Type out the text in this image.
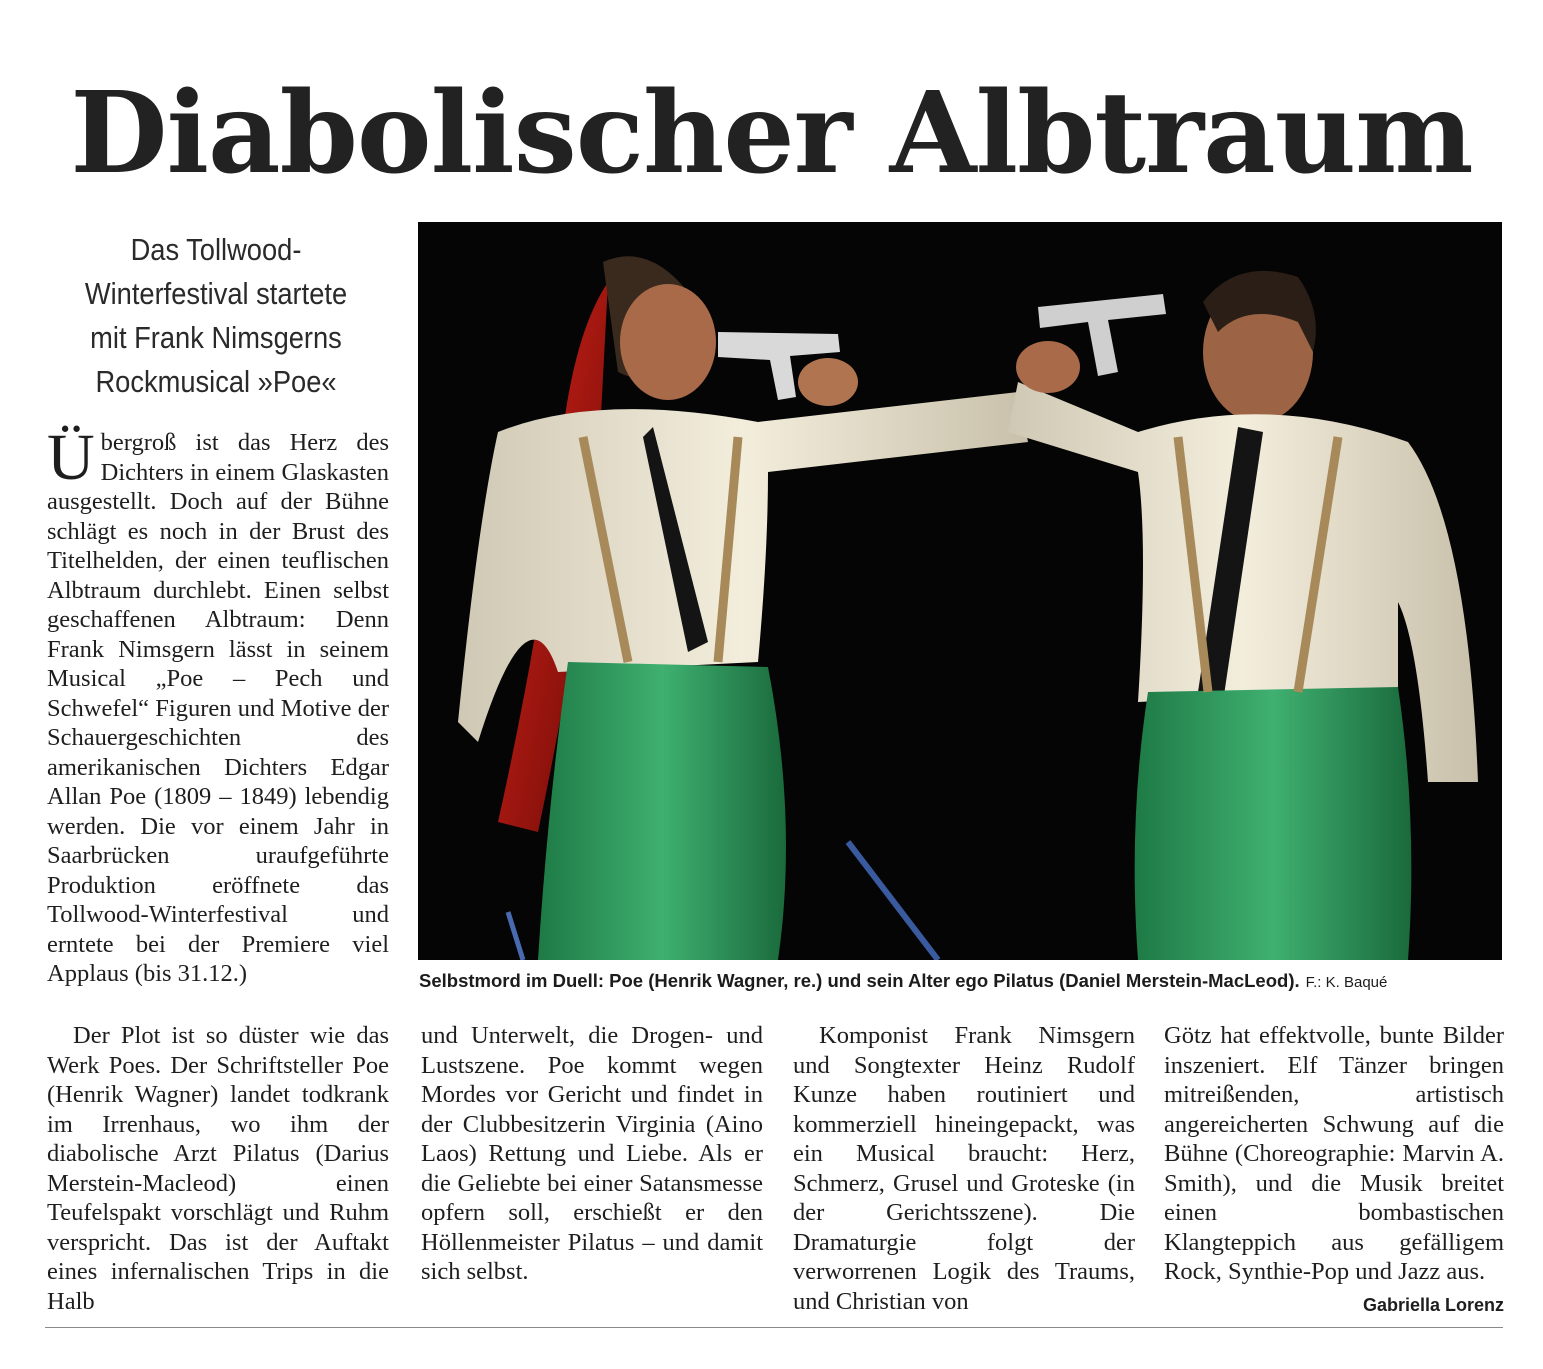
Diabolischer Albtraum
Das Tollwood-
Winterfestival startete
mit Frank Nimsgerns
Rockmusical »Poe«

Übergroß ist das Herz des Dichters in einem Glaskasten ausgestellt. Doch auf der Bühne schlägt es noch in der Brust des Titelhelden, der einen teuflischen Albtraum durchlebt. Einen selbst geschaffenen Albtraum: Denn Frank Nimsgern lässt in seinem Musical „Poe – Pech und Schwefel“ Figuren und Motive der Schauergeschichten des amerikanischen Dichters Edgar Allan Poe (1809 – 1849) lebendig werden. Die vor einem Jahr in Saarbrücken uraufgeführte Produktion eröffnete das Tollwood-Winterfestival und erntete bei der Premiere viel Applaus (bis 31.12.)	Selbstmord im Duell: Poe (Henrik Wagner, re.) und sein Alter ego Pilatus (Daniel Merstein-MacLeod). F.: K. Baqué

Der Plot ist so düster wie das Werk Poes. Der Schriftsteller Poe (Henrik Wagner) landet todkrank im Irrenhaus, wo ihm der diabolische Arzt Pilatus (Darius Merstein-Macleod) einen Teufelspakt vorschlägt und Ruhm verspricht. Das ist der Auftakt eines infernalischen Trips in die Halb

und Unterwelt, die Drogen- und Lustszene. Poe kommt wegen Mordes vor Gericht und findet in der Clubbesitzerin Virginia (Aino Laos) Rettung und Liebe. Als er die Geliebte bei einer Satansmesse opfern soll, erschießt er den Höllenmeister Pilatus – und damit sich selbst.

Komponist Frank Nimsgern und Songtexter Heinz Rudolf Kunze haben routiniert und kommerziell hineingepackt, was ein Musical braucht: Herz, Schmerz, Grusel und Groteske (in der Gerichtsszene). Die Dramaturgie folgt der verworrenen Logik des Traums, und Christian von

Götz hat effektvolle, bunte Bilder inszeniert. Elf Tänzer bringen mitreißenden, artistisch angereicherten Schwung auf die Bühne (Choreographie: Marvin A. Smith), und die Musik breitet einen bombastischen Klangteppich aus gefälligem Rock, Synthie-Pop und Jazz aus.
Gabriella Lorenz
